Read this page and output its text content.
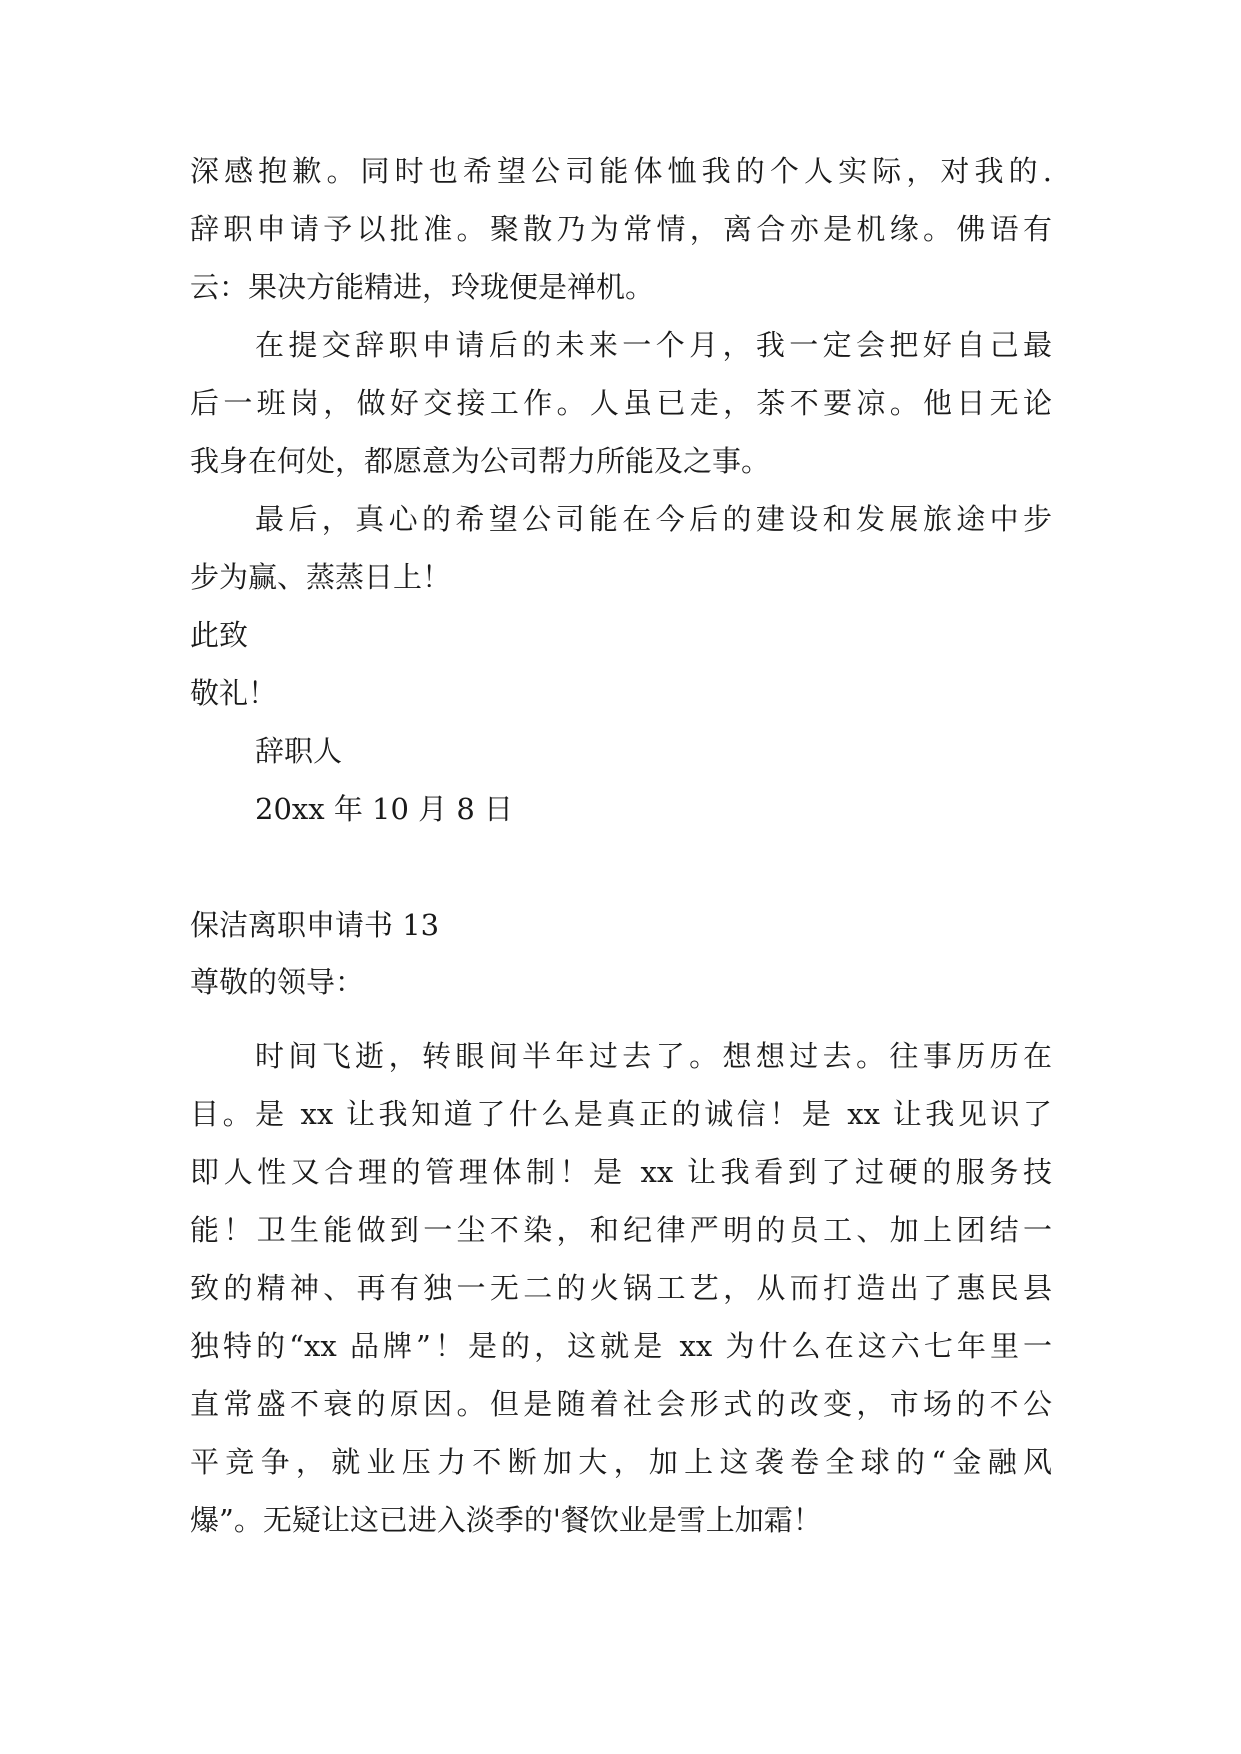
深感抱歉。同时也希望公司能体恤我的个人实际，对我的.
辞职申请予以批准。聚散乃为常情，离合亦是机缘。佛语有
云：果决方能精进，玲珑便是禅机。
在提交辞职申请后的未来一个月，我一定会把好自己最
后一班岗，做好交接工作。人虽已走，茶不要凉。他日无论
我身在何处，都愿意为公司帮力所能及之事。
最后，真心的希望公司能在今后的建设和发展旅途中步
步为赢、蒸蒸日上！
此致
敬礼！
辞职人
20xx 年 10 月 8 日
保洁离职申请书 13
尊敬的领导：
时间飞逝，转眼间半年过去了。想想过去。往事历历在
目。是 xx 让我知道了什么是真正的诚信！是 xx 让我见识了
即人性又合理的管理体制！是 xx 让我看到了过硬的服务技
能！卫生能做到一尘不染，和纪律严明的员工、加上团结一
致的精神、再有独一无二的火锅工艺，从而打造出了惠民县
独特的“xx 品牌”！是的，这就是 xx 为什么在这六七年里一
直常盛不衰的原因。但是随着社会形式的改变，市场的不公
平竞争，就业压力不断加大，加上这袭卷全球的“金融风
爆”。无疑让这已进入淡季的'餐饮业是雪上加霜！
